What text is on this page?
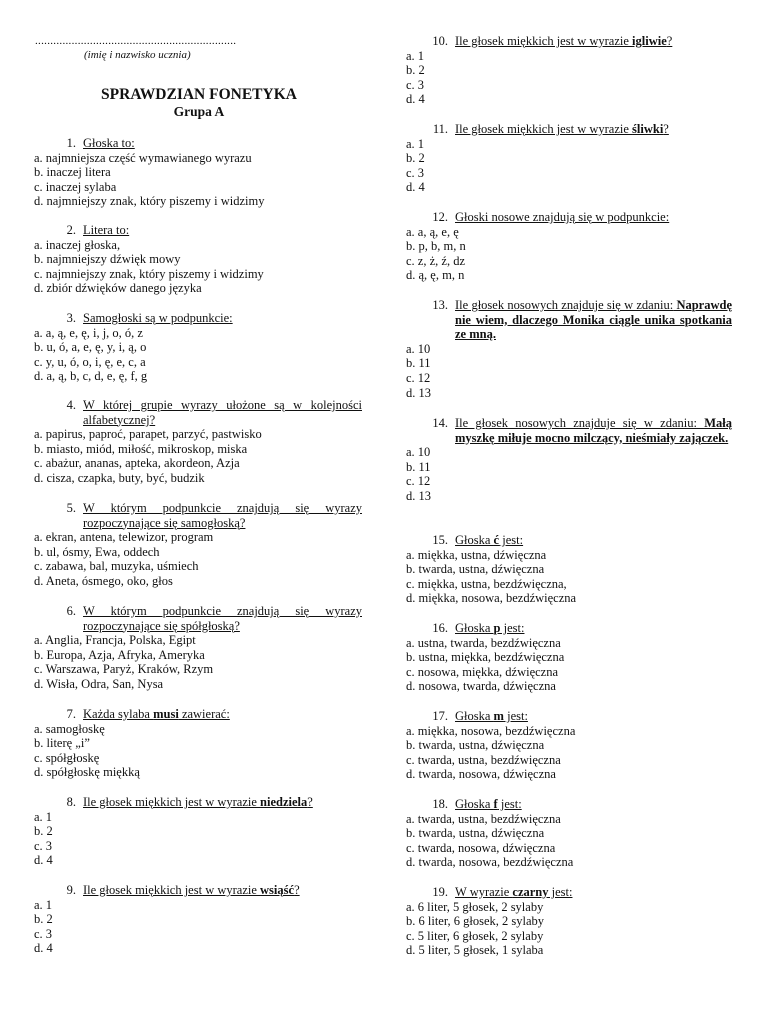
..................................................................
(imię i nazwisko ucznia)
SPRAWDZIAN FONETYKA
Grupa A
1. Głoska to:
a. najmniejsza część wymawianego wyrazu
b. inaczej litera
c. inaczej sylaba
d. najmniejszy znak, który piszemy i widzimy
2. Litera to:
a. inaczej głoska,
b. najmniejszy dźwięk mowy
c. najmniejszy znak, który piszemy i widzimy
d. zbiór dźwięków danego języka
3. Samogłoski są w podpunkcie:
a. a, ą, e, ę, i, j, o, ó, z
b. u, ó, a, e, ę, y, i, ą, o
c. y, u, ó, o, i, ę, e, c, a
d. a, ą, b, c, d, e, ę, f, g
4. W której grupie wyrazy ułożone są w kolejności alfabetycznej?
a. papirus, paproć, parapet, parzyć, pastwisko
b. miasto, miód, miłość, mikroskop, miska
c. abażur, ananas, apteka, akordeon, Azja
d. cisza, czapka, buty, być, budzik
5. W którym podpunkcie znajdują się wyrazy rozpoczynające się samogłoską?
a. ekran, antena, telewizor, program
b. ul, ósmy, Ewa, oddech
c. zabawa, bal, muzyka, uśmiech
d. Aneta, ósmego, oko, głos
6. W którym podpunkcie znajdują się wyrazy rozpoczynające się spółgłoską?
a. Anglia, Francja, Polska, Egipt
b. Europa, Azja, Afryka, Ameryka
c. Warszawa, Paryż, Kraków, Rzym
d. Wisła, Odra, San, Nysa
7. Każda sylaba musi zawierać:
a. samogłoskę
b. literę „i”
c. spółgłoskę
d. spółgłoskę miękką
8. Ile głosek miękkich jest w wyrazie niedziela?
a. 1
b. 2
c. 3
d. 4
9. Ile głosek miękkich jest w wyrazie wsiąść?
a. 1
b. 2
c. 3
d. 4
10. Ile głosek miękkich jest w wyrazie igliwie?
a. 1
b. 2
c. 3
d. 4
11. Ile głosek miękkich jest w wyrazie śliwki?
a. 1
b. 2
c. 3
d. 4
12. Głoski nosowe znajdują się w podpunkcie:
a. a, ą, e, ę
b. p, b, m, n
c. z, ż, ź, dz
d. ą, ę, m, n
13. Ile głosek nosowych znajduje się w zdaniu: Naprawdę nie wiem, dlaczego Monika ciągle unika spotkania ze mną.
a. 10
b. 11
c. 12
d. 13
14. Ile głosek nosowych znajduje się w zdaniu: Małą myszkę miłuje mocno milczący, nieśmiały zajączek.
a. 10
b. 11
c. 12
d. 13
15. Głoska ć jest:
a. miękka, ustna, dźwięczna
b. twarda, ustna, dźwięczna
c. miękka, ustna, bezdźwięczna,
d. miękka, nosowa, bezdźwięczna
16. Głoska p jest:
a. ustna, twarda, bezdźwięczna
b. ustna, miękka, bezdźwięczna
c. nosowa, miękka, dźwięczna
d. nosowa, twarda, dźwięczna
17. Głoska m jest:
a. miękka, nosowa, bezdźwięczna
b. twarda, ustna, dźwięczna
c. twarda, ustna, bezdźwięczna
d. twarda, nosowa, dźwięczna
18. Głoska f jest:
a. twarda, ustna, bezdźwięczna
b. twarda, ustna, dźwięczna
c. twarda, nosowa, dźwięczna
d. twarda, nosowa, bezdźwięczna
19. W wyrazie czarny jest:
a. 6 liter, 5 głosek, 2 sylaby
b. 6 liter, 6 głosek, 2 sylaby
c. 5 liter, 6 głosek, 2 sylaby
d. 5 liter, 5 głosek, 1 sylaba
